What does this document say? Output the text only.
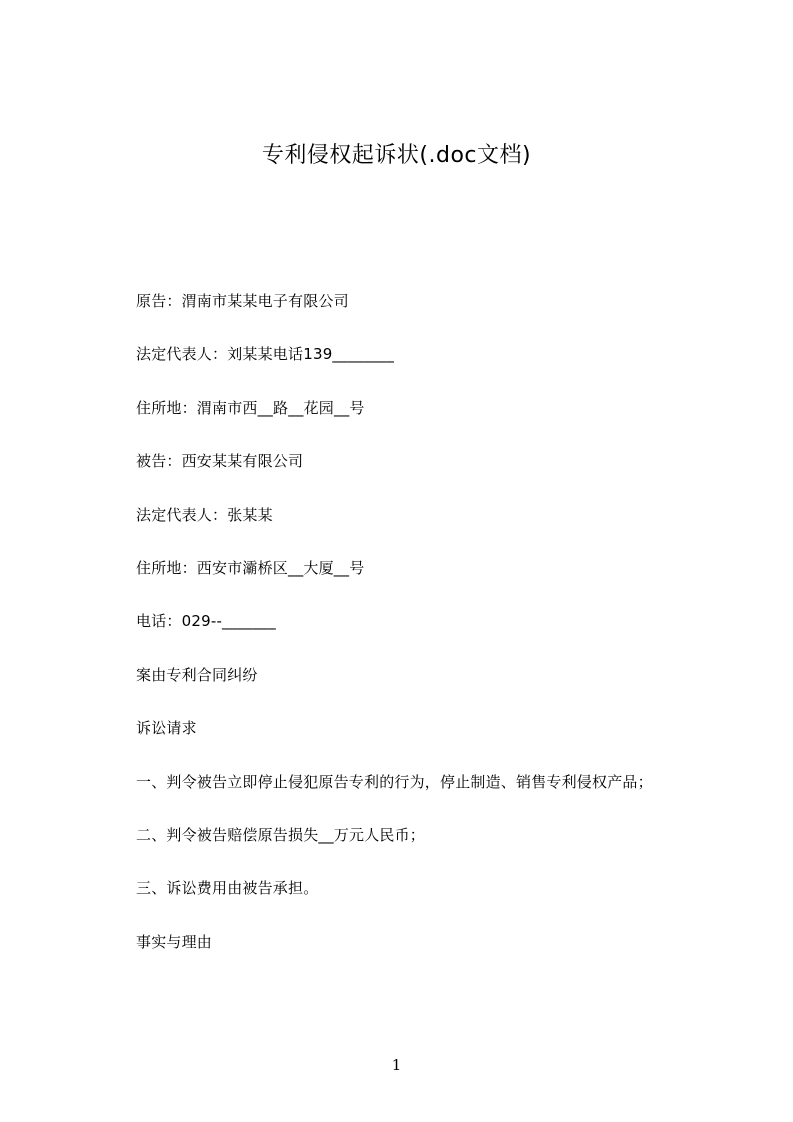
专利侵权起诉状(.doc文档)
原告：渭南市某某电子有限公司
法定代表人：刘某某电话139________
住所地：渭南市西__路__花园__号
被告：西安某某有限公司
法定代表人：张某某
住所地：西安市灞桥区__大厦__号
电话：029--_______
案由专利合同纠纷
诉讼请求
一、判令被告立即停止侵犯原告专利的行为，停止制造、销售专利侵权产品；
二、判令被告赔偿原告损失__万元人民币；
三、诉讼费用由被告承担。
事实与理由
1
